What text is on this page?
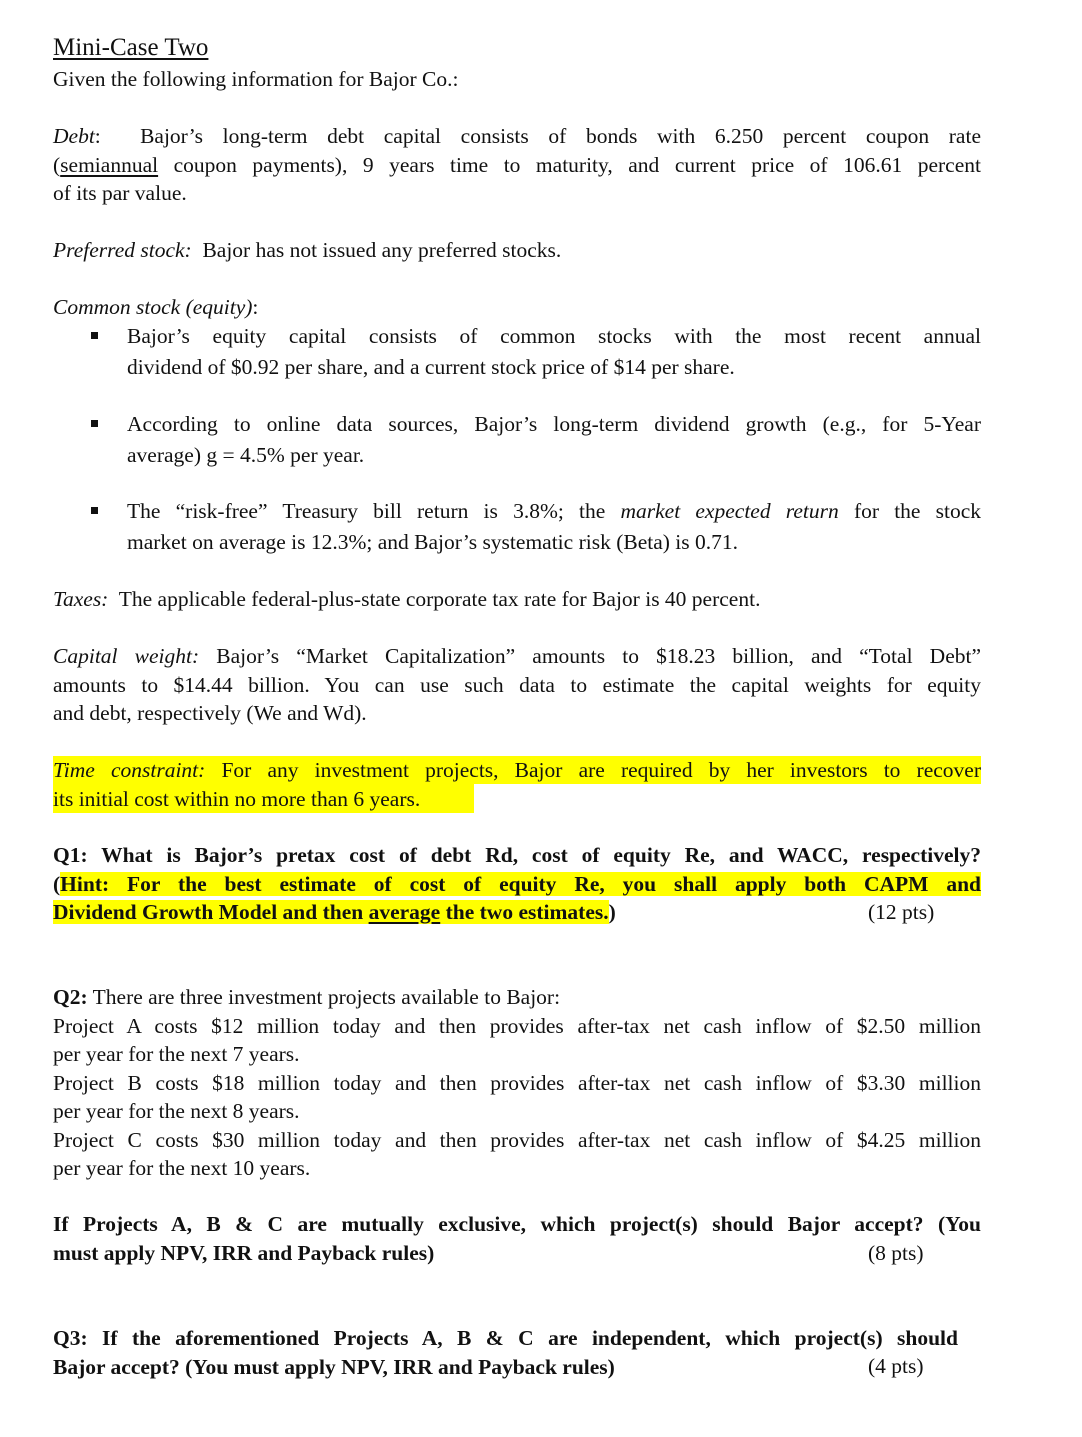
Mini-Case Two
Given the following information for Bajor Co.:
Debt:  Bajor’s long-term debt capital consists of bonds with 6.250 percent coupon rate
(semiannual coupon payments), 9 years time to maturity, and current price of 106.61 percent
of its par value.
Preferred stock: Bajor has not issued any preferred stocks.
Common stock (equity):
Bajor’s equity capital consists of common stocks with the most recent annual
dividend of $0.92 per share, and a current stock price of $14 per share.
According to online data sources, Bajor’s long-term dividend growth (e.g., for 5-Year
average) g = 4.5% per year.
The “risk-free” Treasury bill return is 3.8%; the market expected return for the stock
market on average is 12.3%; and Bajor’s systematic risk (Beta) is 0.71.
Taxes: The applicable federal-plus-state corporate tax rate for Bajor is 40 percent.
Capital weight: Bajor’s “Market Capitalization” amounts to $18.23 billion, and “Total Debt”
amounts to $14.44 billion. You can use such data to estimate the capital weights for equity
and debt, respectively (We and Wd).
Time constraint: For any investment projects, Bajor are required by her investors to recover
its initial cost within no more than 6 years.
Q1: What is Bajor’s pretax cost of debt Rd, cost of equity Re, and WACC, respectively?
(Hint: For the best estimate of cost of equity Re, you shall apply both CAPM and
Dividend Growth Model and then average the two estimates.)	(12 pts)
Q2: There are three investment projects available to Bajor:
Project A costs $12 million today and then provides after-tax net cash inflow of $2.50 million
per year for the next 7 years.
Project B costs $18 million today and then provides after-tax net cash inflow of $3.30 million
per year for the next 8 years.
Project C costs $30 million today and then provides after-tax net cash inflow of $4.25 million
per year for the next 10 years.
If Projects A, B & C are mutually exclusive, which project(s) should Bajor accept? (You
must apply NPV, IRR and Payback rules)	(8 pts)
Q3: If the aforementioned Projects A, B & C are independent, which project(s) should
Bajor accept? (You must apply NPV, IRR and Payback rules)	(4 pts)
